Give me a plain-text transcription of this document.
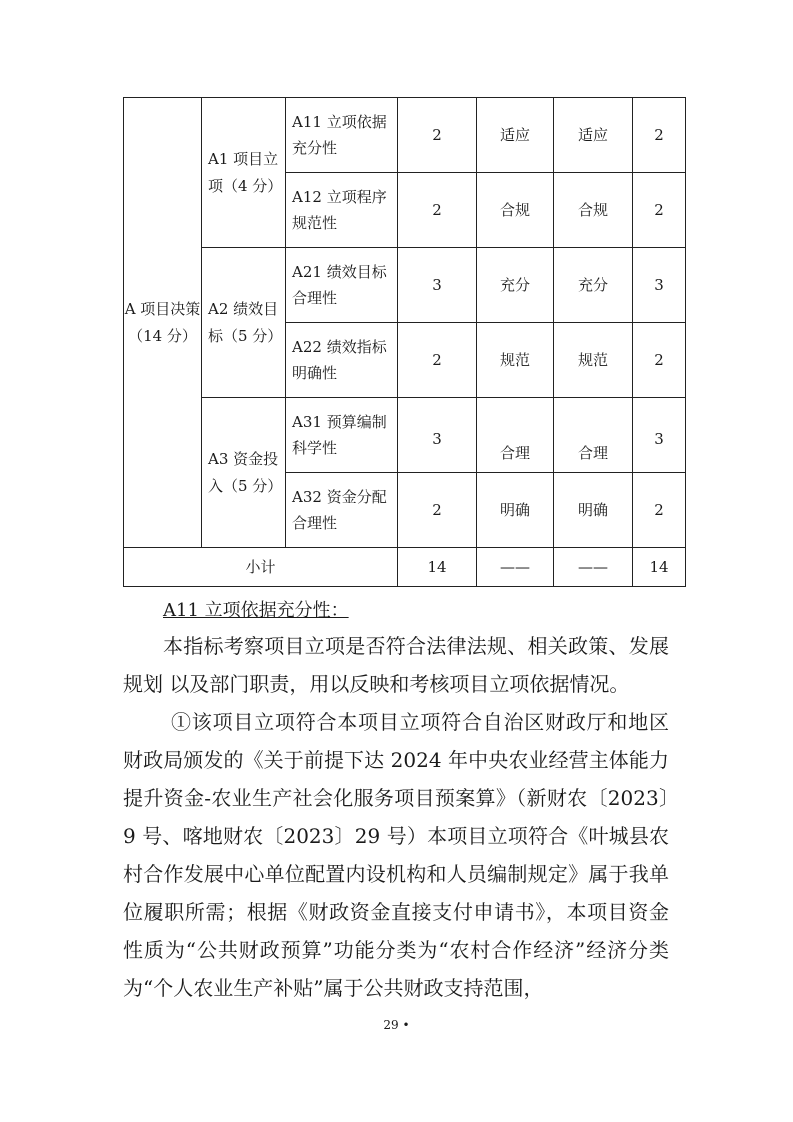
A 项目决策（14 分）	A1 项目立项（4 分）	A11 立项依据充分性	2	适应	适应	2
		A12 立项程序规范性	2	合规	合规	2
	A2 绩效目标（5 分）	A21 绩效目标合理性	3	充分	充分	3
		A22 绩效指标明确性	2	规范	规范	2
	A3 资金投入（5 分）	A31 预算编制科学性	3	合理	合理	3
		A32 资金分配合理性	2	明确	明确	2
小计			14	——	——	14
A11 立项依据充分性：

本指标考察项目立项是否符合法律法规、相关政策、发展规划 以及部门职责，用以反映和考核项目立项依据情况。

①该项目立项符合本项目立项符合自治区财政厅和地区财政局颁发的《关于前提下达 2024 年中央农业经营主体能力提升资金-农业生产社会化服务项目预案算》（新财农〔2023〕9 号、喀地财农〔2023〕29 号）本项目立项符合《叶城县农村合作发展中心单位配置内设机构和人员编制规定》属于我单位履职所需；根据《财政资金直接支付申请书》，本项目资金性质为“公共财政预算”功能分类为“农村合作经济”经济分类为“个人农业生产补贴”属于公共财政支持范围，

29 •
